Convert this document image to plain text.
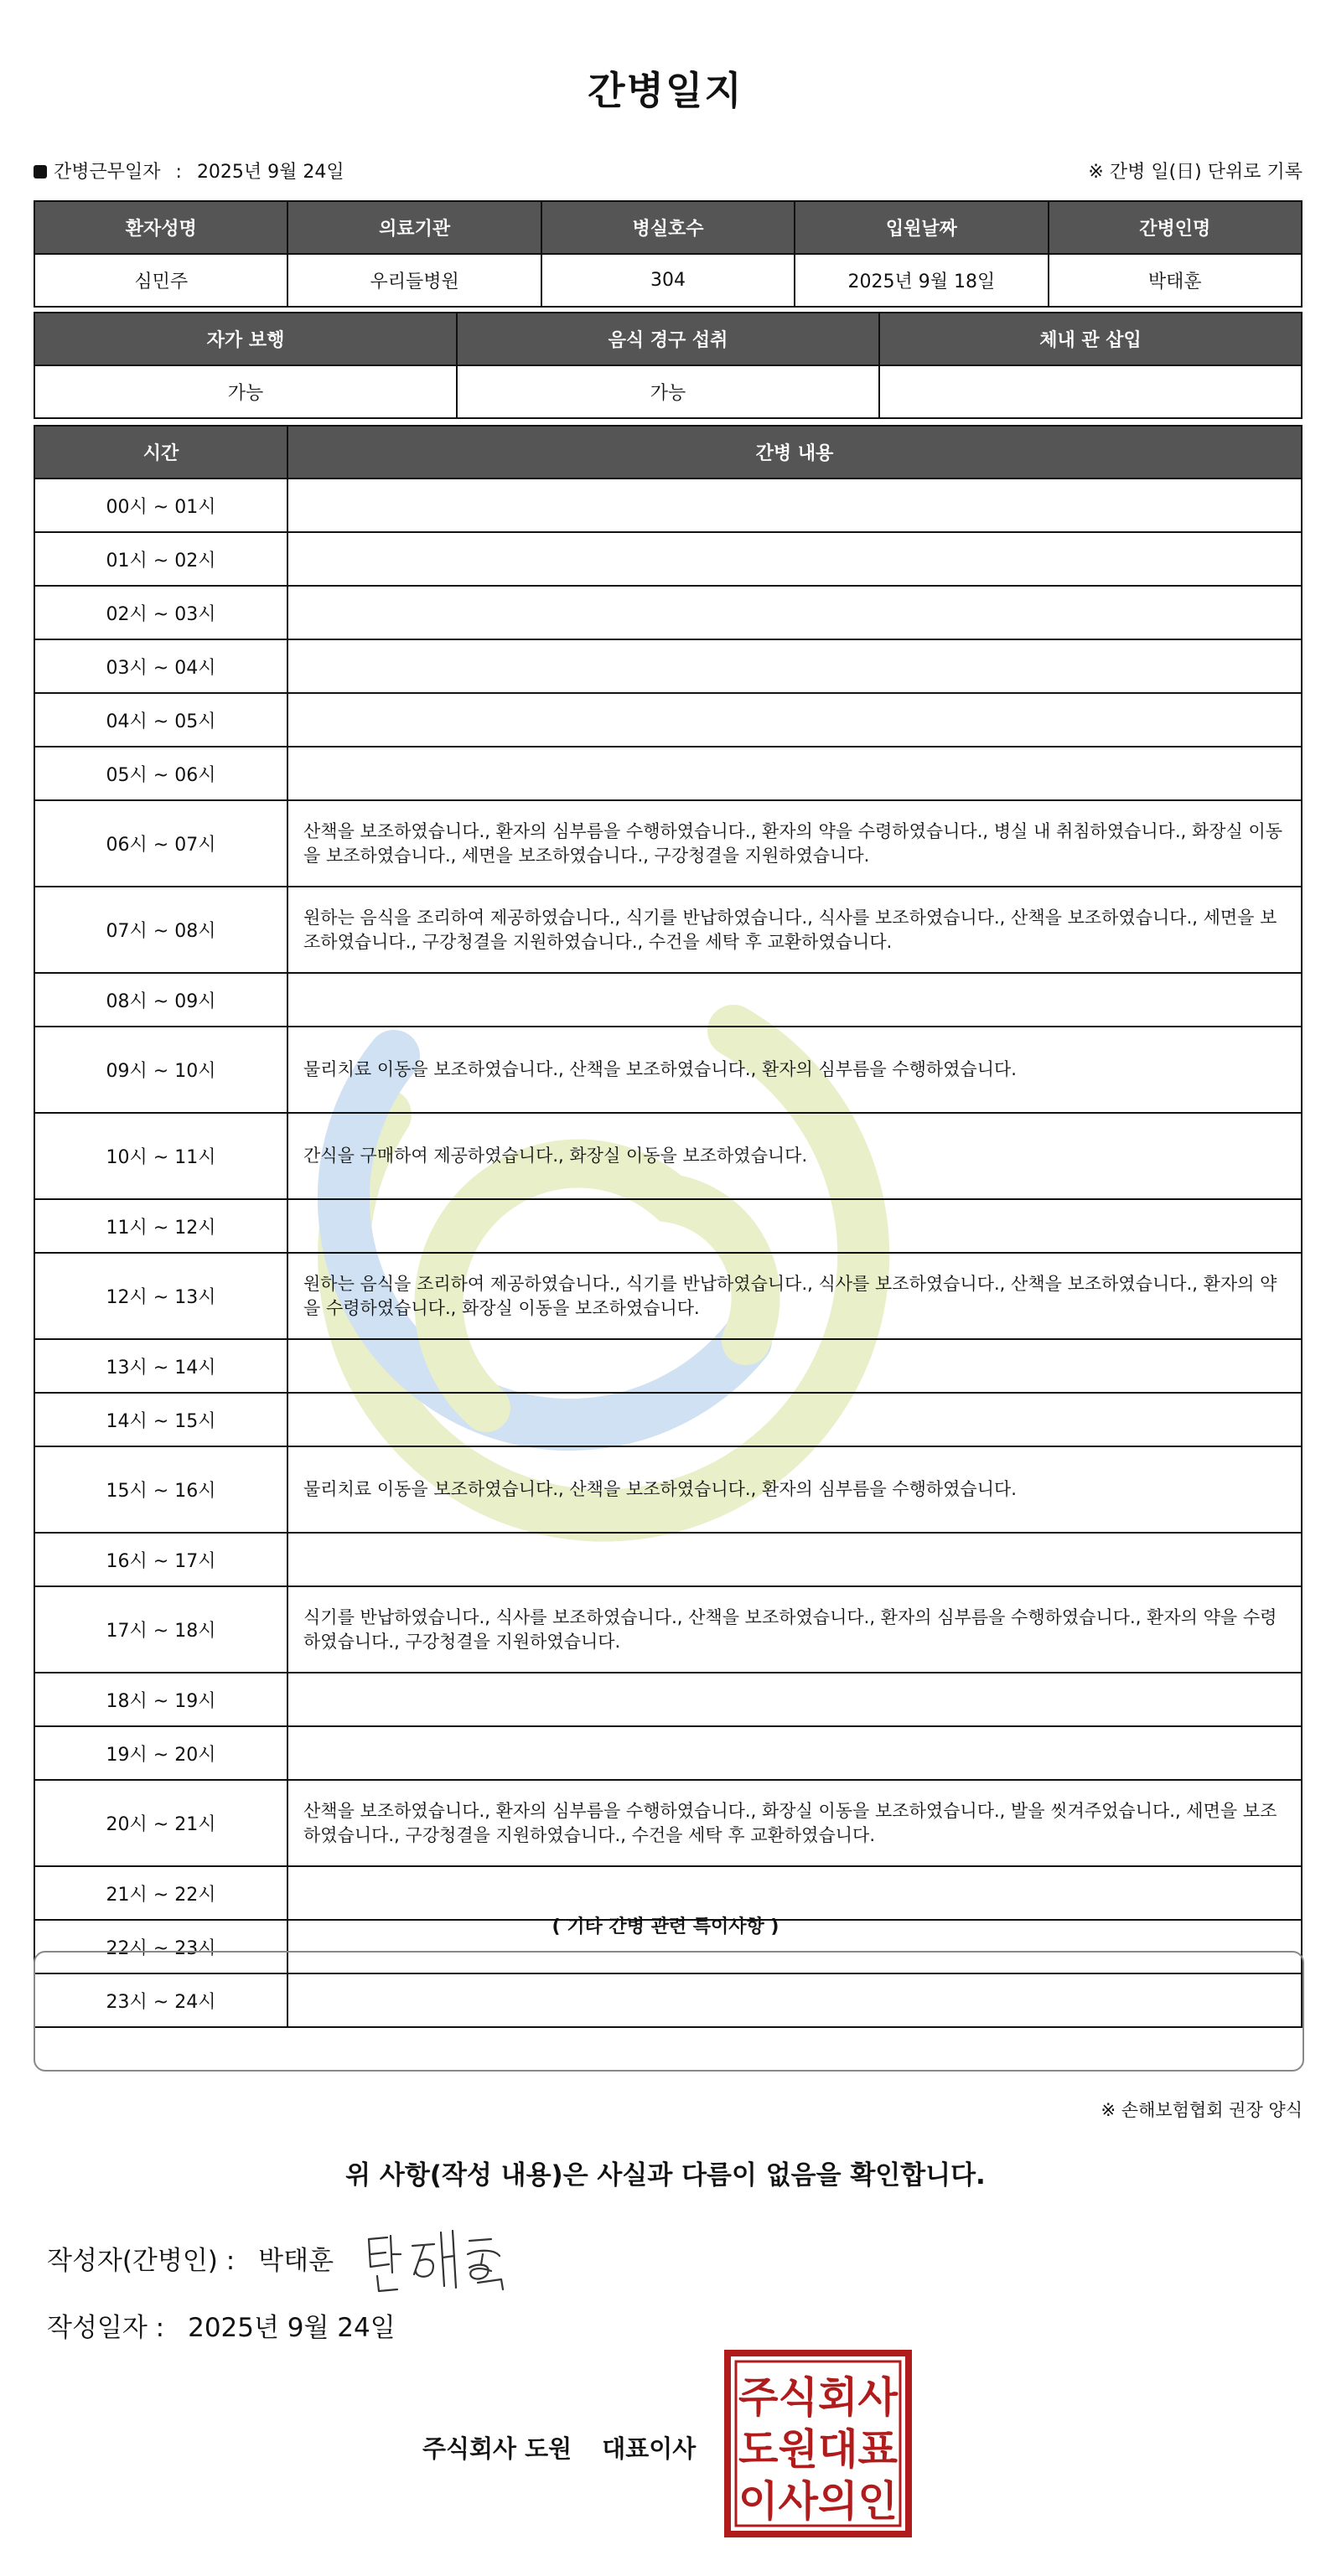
간병일지
간병근무일자 : 2025년 9월 24일	※ 간병 일(日) 단위로 기록
환자성명	의료기관	병실호수	입원날짜	간병인명
심민주	우리들병원	304	2025년 9월 18일	박태훈
자가 보행	음식 경구 섭취	체내 관 삽입
가능	가능	
시간	간병 내용
00시 ~ 01시	
01시 ~ 02시	
02시 ~ 03시	
03시 ~ 04시	
04시 ~ 05시	
05시 ~ 06시	
06시 ~ 07시	산책을 보조하였습니다., 환자의 심부름을 수행하였습니다., 환자의 약을 수령하였습니다., 병실 내 취침하였습니다., 화장실 이동을 보조하였습니다., 세면을 보조하였습니다., 구강청결을 지원하였습니다.
07시 ~ 08시	원하는 음식을 조리하여 제공하였습니다., 식기를 반납하였습니다., 식사를 보조하였습니다., 산책을 보조하였습니다., 세면을 보조하였습니다., 구강청결을 지원하였습니다., 수건을 세탁 후 교환하였습니다.
08시 ~ 09시	
09시 ~ 10시	물리치료 이동을 보조하였습니다., 산책을 보조하였습니다., 환자의 심부름을 수행하였습니다.
10시 ~ 11시	간식을 구매하여 제공하였습니다., 화장실 이동을 보조하였습니다.
11시 ~ 12시	
12시 ~ 13시	원하는 음식을 조리하여 제공하였습니다., 식기를 반납하였습니다., 식사를 보조하였습니다., 산책을 보조하였습니다., 환자의 약을 수령하였습니다., 화장실 이동을 보조하였습니다.
13시 ~ 14시	
14시 ~ 15시	
15시 ~ 16시	물리치료 이동을 보조하였습니다., 산책을 보조하였습니다., 환자의 심부름을 수행하였습니다.
16시 ~ 17시	
17시 ~ 18시	식기를 반납하였습니다., 식사를 보조하였습니다., 산책을 보조하였습니다., 환자의 심부름을 수행하였습니다., 환자의 약을 수령하였습니다., 구강청결을 지원하였습니다.
18시 ~ 19시	
19시 ~ 20시	
20시 ~ 21시	산책을 보조하였습니다., 환자의 심부름을 수행하였습니다., 화장실 이동을 보조하였습니다., 발을 씻겨주었습니다., 세면을 보조하였습니다., 구강청결을 지원하였습니다., 수건을 세탁 후 교환하였습니다.
21시 ~ 22시	
22시 ~ 23시	
23시 ~ 24시	
( 기타 간병 관련 특이사항 )
※ 손해보험협회 권장 양식
위 사항(작성 내용)은 사실과 다름이 없음을 확인합니다.
작성자(간병인) : 박태훈
작성일자 : 2025년 9월 24일
주식회사 도원 대표이사
주식회사
도원대표
이사의인
